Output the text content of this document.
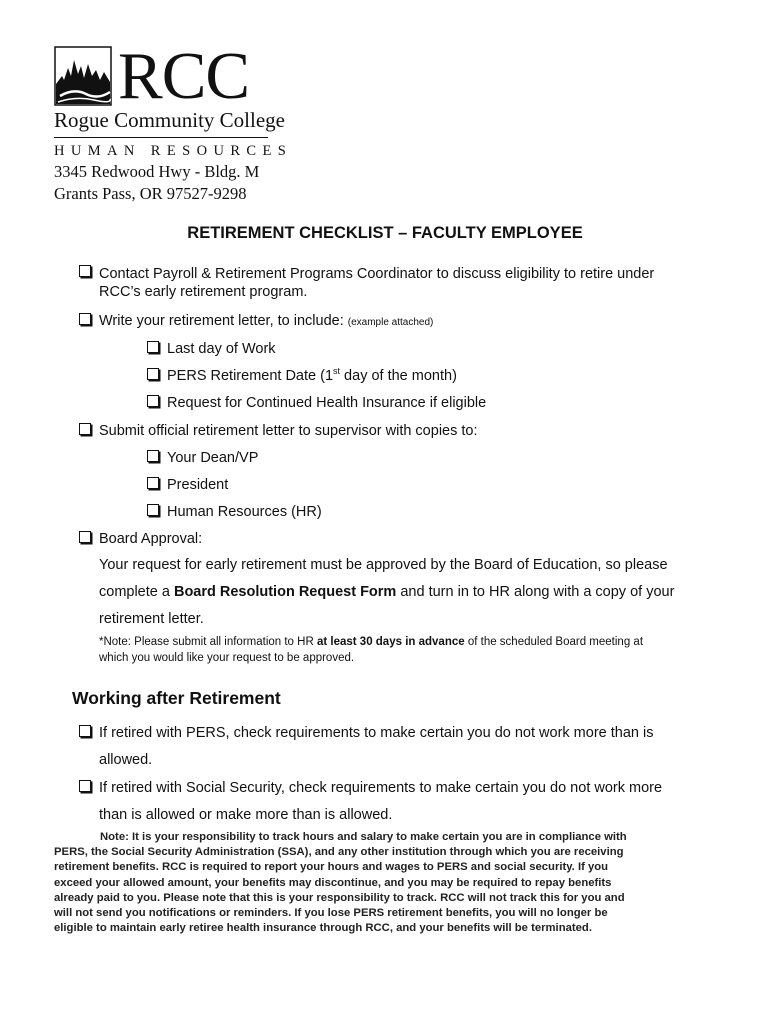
RCC
Rogue Community College
HUMAN RESOURCES
3345 Redwood Hwy - Bldg. M
Grants Pass, OR 97527-9298
RETIREMENT CHECKLIST – FACULTY EMPLOYEE
Contact Payroll & Retirement Programs Coordinator to discuss eligibility to retire under
RCC’s early retirement program.
Write your retirement letter, to include: (example attached)
Last day of Work
PERS Retirement Date (1st day of the month)
Request for Continued Health Insurance if eligible
Submit official retirement letter to supervisor with copies to:
Your Dean/VP
President
Human Resources (HR)
Board Approval:
Your request for early retirement must be approved by the Board of Education, so please
complete a Board Resolution Request Form and turn in to HR along with a copy of your
retirement letter.
*Note: Please submit all information to HR at least 30 days in advance of the scheduled Board meeting at
which you would like your request to be approved.
Working after Retirement
If retired with PERS, check requirements to make certain you do not work more than is
allowed.
If retired with Social Security, check requirements to make certain you do not work more
than is allowed or make more than is allowed.
Note: It is your responsibility to track hours and salary to make certain you are in compliance with
PERS, the Social Security Administration (SSA), and any other institution through which you are receiving
retirement benefits. RCC is required to report your hours and wages to PERS and social security. If you
exceed your allowed amount, your benefits may discontinue, and you may be required to repay benefits
already paid to you. Please note that this is your responsibility to track. RCC will not track this for you and
will not send you notifications or reminders. If you lose PERS retirement benefits, you will no longer be
eligible to maintain early retiree health insurance through RCC, and your benefits will be terminated.
